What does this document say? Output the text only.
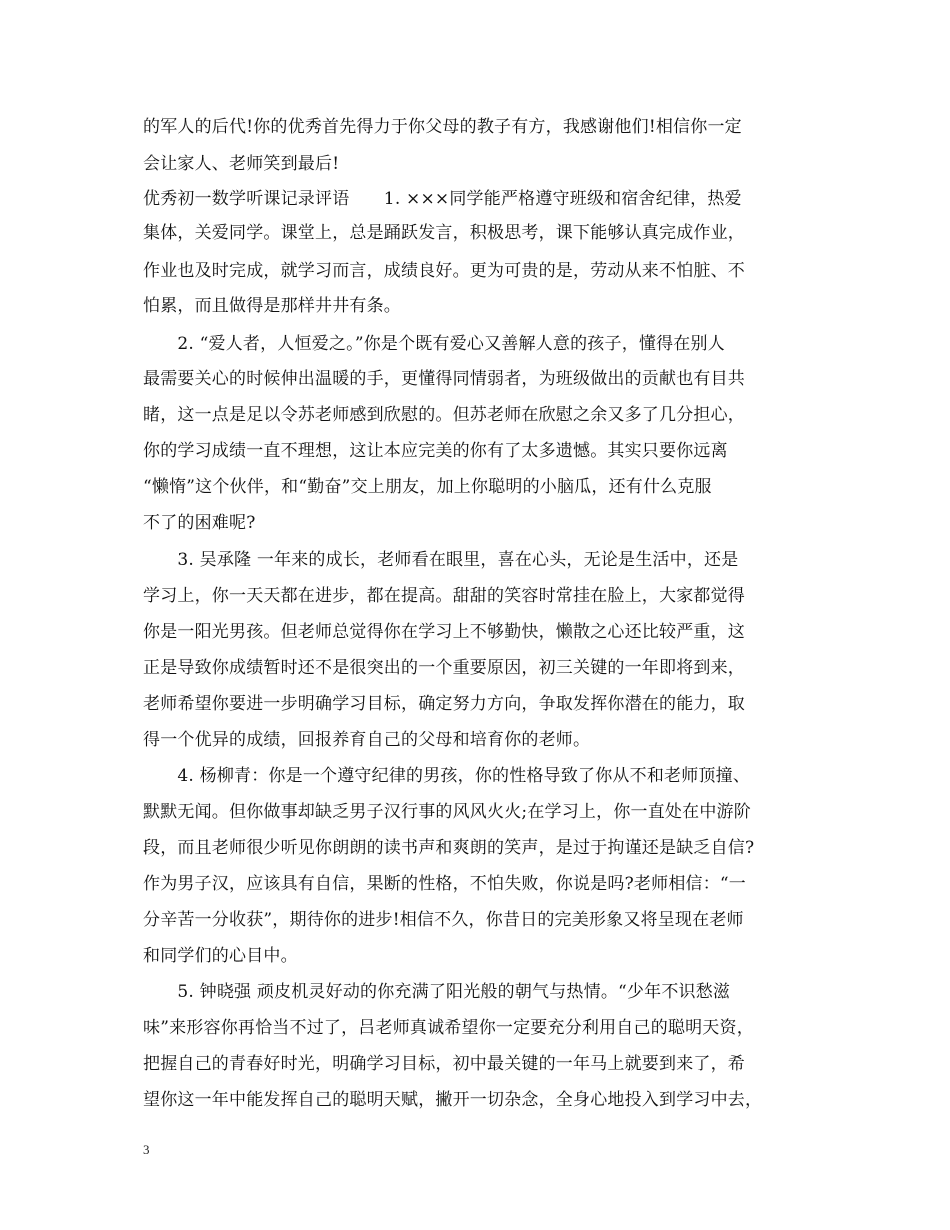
的军人的后代!你的优秀首先得力于你父母的教子有方，我感谢他们!相信你一定
会让家人、老师笑到最后!
优秀初一数学听课记录评语　　1. ×××同学能严格遵守班级和宿舍纪律，热爱
集体，关爱同学。课堂上，总是踊跃发言，积极思考，课下能够认真完成作业，
作业也及时完成，就学习而言，成绩良好。更为可贵的是，劳动从来不怕脏、不
怕累，而且做得是那样井井有条。
　　2. “爱人者，人恒爱之。”你是个既有爱心又善解人意的孩子，懂得在别人
最需要关心的时候伸出温暖的手，更懂得同情弱者，为班级做出的贡献也有目共
睹，这一点是足以令苏老师感到欣慰的。但苏老师在欣慰之余又多了几分担心，
你的学习成绩一直不理想，这让本应完美的你有了太多遗憾。其实只要你远离
“懒惰”这个伙伴，和“勤奋”交上朋友，加上你聪明的小脑瓜，还有什么克服
不了的困难呢?
　　3. 吴承隆 一年来的成长，老师看在眼里，喜在心头，无论是生活中，还是
学习上，你一天天都在进步，都在提高。甜甜的笑容时常挂在脸上，大家都觉得
你是一阳光男孩。但老师总觉得你在学习上不够勤快，懒散之心还比较严重，这
正是导致你成绩暂时还不是很突出的一个重要原因，初三关键的一年即将到来，
老师希望你要进一步明确学习目标，确定努力方向，争取发挥你潜在的能力，取
得一个优异的成绩，回报养育自己的父母和培育你的老师。
　　4. 杨柳青：你是一个遵守纪律的男孩，你的性格导致了你从不和老师顶撞、
默默无闻。但你做事却缺乏男子汉行事的风风火火;在学习上，你一直处在中游阶
段，而且老师很少听见你朗朗的读书声和爽朗的笑声，是过于拘谨还是缺乏自信?
作为男子汉，应该具有自信，果断的性格，不怕失败，你说是吗?老师相信：“一
分辛苦一分收获”，期待你的进步!相信不久，你昔日的完美形象又将呈现在老师
和同学们的心目中。
　　5. 钟晓强 顽皮机灵好动的你充满了阳光般的朝气与热情。“少年不识愁滋
味”来形容你再恰当不过了，吕老师真诚希望你一定要充分利用自己的聪明天资，
把握自己的青春好时光，明确学习目标，初中最关键的一年马上就要到来了，希
望你这一年中能发挥自己的聪明天赋，撇开一切杂念，全身心地投入到学习中去，
3
